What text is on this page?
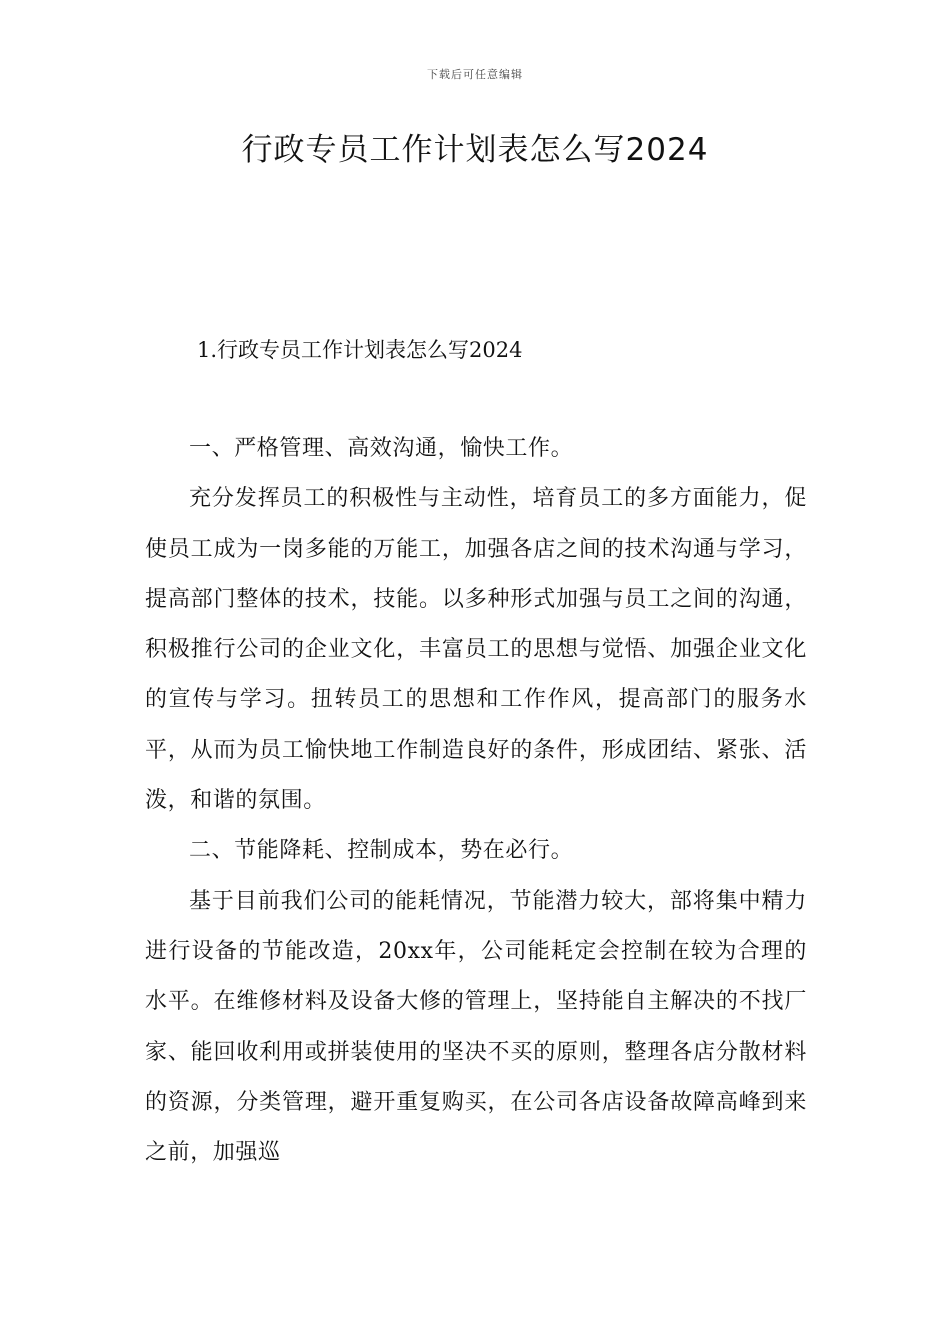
下载后可任意编辑
行政专员工作计划表怎么写2024
1.行政专员工作计划表怎么写2024

一、严格管理、高效沟通，愉快工作。

充分发挥员工的积极性与主动性，培育员工的多方面能力，促使员工成为一岗多能的万能工，加强各店之间的技术沟通与学习，提高部门整体的技术，技能。以多种形式加强与员工之间的沟通，积极推行公司的企业文化，丰富员工的思想与觉悟、加强企业文化的宣传与学习。扭转员工的思想和工作作风，提高部门的服务水平，从而为员工愉快地工作制造良好的条件，形成团结、紧张、活泼，和谐的氛围。

二、节能降耗、控制成本，势在必行。

基于目前我们公司的能耗情况，节能潜力较大，部将集中精力进行设备的节能改造，20xx年，公司能耗定会控制在较为合理的水平。在维修材料及设备大修的管理上，坚持能自主解决的不找厂家、能回收利用或拼装使用的坚决不买的原则，整理各店分散材料的资源，分类管理，避开重复购买，在公司各店设备故障高峰到来之前，加强巡
